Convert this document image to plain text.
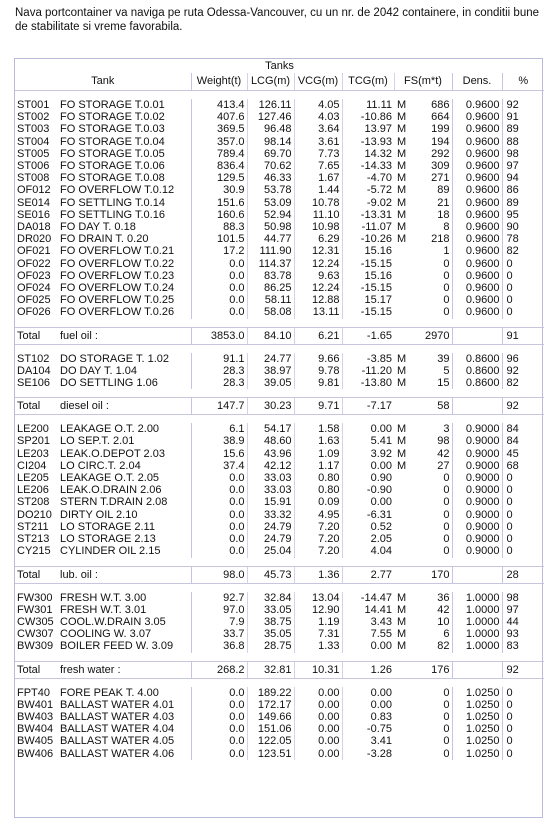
Nava portcontainer va naviga pe ruta Odessa-Vancouver, cu un nr. de 2042 containere, in conditii bune de stabilitate si vreme favorabila.
Tanks									
Tank		Weight(t)	LCG(m)	VCG(m)	TCG(m)	FS(m*t)		Dens.	%

ST001	FO STORAGE T.0.01	413.4	126.11	4.05	11.11	M	686	0.9600	92
ST002	FO STORAGE T.0.02	407.6	127.46	4.03	-10.86	M	664	0.9600	91
ST003	FO STORAGE T.0.03	369.5	96.48	3.64	13.97	M	199	0.9600	89
ST004	FO STORAGE T.0.04	357.0	98.14	3.61	-13.93	M	194	0.9600	88
ST005	FO STORAGE T.0.05	789.4	69.70	7.73	14.32	M	292	0.9600	98
ST006	FO STORAGE T.0.06	836.4	70.62	7.65	-14.33	M	309	0.9600	97
ST008	FO STORAGE T.0.08	129.5	46.33	1.67	-4.70	M	271	0.9600	94
OF012	FO OVERFLOW T.0.12	30.9	53.78	1.44	-5.72	M	89	0.9600	86
SE014	FO SETTLING T.0.14	151.6	53.09	10.78	-9.02	M	21	0.9600	89
SE016	FO SETTLING T.0.16	160.6	52.94	11.10	-13.31	M	18	0.9600	95
DA018	FO DAY T. 0.18	88.3	50.98	10.98	-11.07	M	8	0.9600	90
DR020	FO DRAIN T. 0.20	101.5	44.77	6.29	-10.26	M	218	0.9600	78
OF021	FO OVERFLOW T.0.21	17.2	111.90	12.31	15.16		1	0.9600	82
OF022	FO OVERFLOW T.0.22	0.0	114.37	12.24	-15.15		0	0.9600	0
OF023	FO OVERFLOW T.0.23	0.0	83.78	9.63	15.16		0	0.9600	0
OF024	FO OVERFLOW T.0.24	0.0	86.25	12.24	-15.15		0	0.9600	0
OF025	FO OVERFLOW T.0.25	0.0	58.11	12.88	15.17		0	0.9600	0
OF026	FO OVERFLOW T.0.26	0.0	58.08	13.11	-15.15		0	0.9600	0

Total	fuel oil :	3853.0	84.10	6.21	-1.65		2970		91

ST102	DO STORAGE T. 1.02	91.1	24.77	9.66	-3.85	M	39	0.8600	96
DA104	DO DAY T. 1.04	28.3	38.97	9.78	-11.20	M	5	0.8600	92
SE106	DO SETTLING 1.06	28.3	39.05	9.81	-13.80	M	15	0.8600	82

Total	diesel oil :	147.7	30.23	9.71	-7.17		58		92

LE200	LEAKAGE O.T. 2.00	6.1	54.17	1.58	0.00	M	3	0.9000	84
SP201	LO SEP.T. 2.01	38.9	48.60	1.63	5.41	M	98	0.9000	84
LE203	LEAK.O.DEPOT 2.03	15.6	43.96	1.09	3.92	M	42	0.9000	45
CI204	LO CIRC.T. 2.04	37.4	42.12	1.17	0.00	M	27	0.9000	68
LE205	LEAKAGE O.T. 2.05	0.0	33.03	0.80	0.90		0	0.9000	0
LE206	LEAK.O.DRAIN 2.06	0.0	33.03	0.80	-0.90		0	0.9000	0
ST208	STERN T.DRAIN 2.08	0.0	15.91	0.09	0.00		0	0.9000	0
DO210	DIRTY OIL 2.10	0.0	33.32	4.95	-6.31		0	0.9000	0
ST211	LO STORAGE 2.11	0.0	24.79	7.20	0.52		0	0.9000	0
ST213	LO STORAGE 2.13	0.0	24.79	7.20	2.05		0	0.9000	0
CY215	CYLINDER OIL 2.15	0.0	25.04	7.20	4.04		0	0.9000	0

Total	lub. oil :	98.0	45.73	1.36	2.77		170		28

FW300	FRESH W.T. 3.00	92.7	32.84	13.04	-14.47	M	36	1.0000	98
FW301	FRESH W.T. 3.01	97.0	33.05	12.90	14.41	M	42	1.0000	97
CW305	COOL.W.DRAIN 3.05	7.9	38.75	1.19	3.43	M	10	1.0000	44
CW307	COOLING W. 3.07	33.7	35.05	7.31	7.55	M	6	1.0000	93
BW309	BOILER FEED W. 3.09	36.8	28.75	1.33	0.00	M	82	1.0000	83

Total	fresh water :	268.2	32.81	10.31	1.26		176		92

FPT40	FORE PEAK T. 4.00	0.0	189.22	0.00	0.00		0	1.0250	0
BW401	BALLAST WATER 4.01	0.0	172.17	0.00	0.00		0	1.0250	0
BW403	BALLAST WATER 4.03	0.0	149.66	0.00	0.83		0	1.0250	0
BW404	BALLAST WATER 4.04	0.0	151.06	0.00	-0.75		0	1.0250	0
BW405	BALLAST WATER 4.05	0.0	122.05	0.00	3.41		0	1.0250	0
BW406	BALLAST WATER 4.06	0.0	123.51	0.00	-3.28		0	1.0250	0
